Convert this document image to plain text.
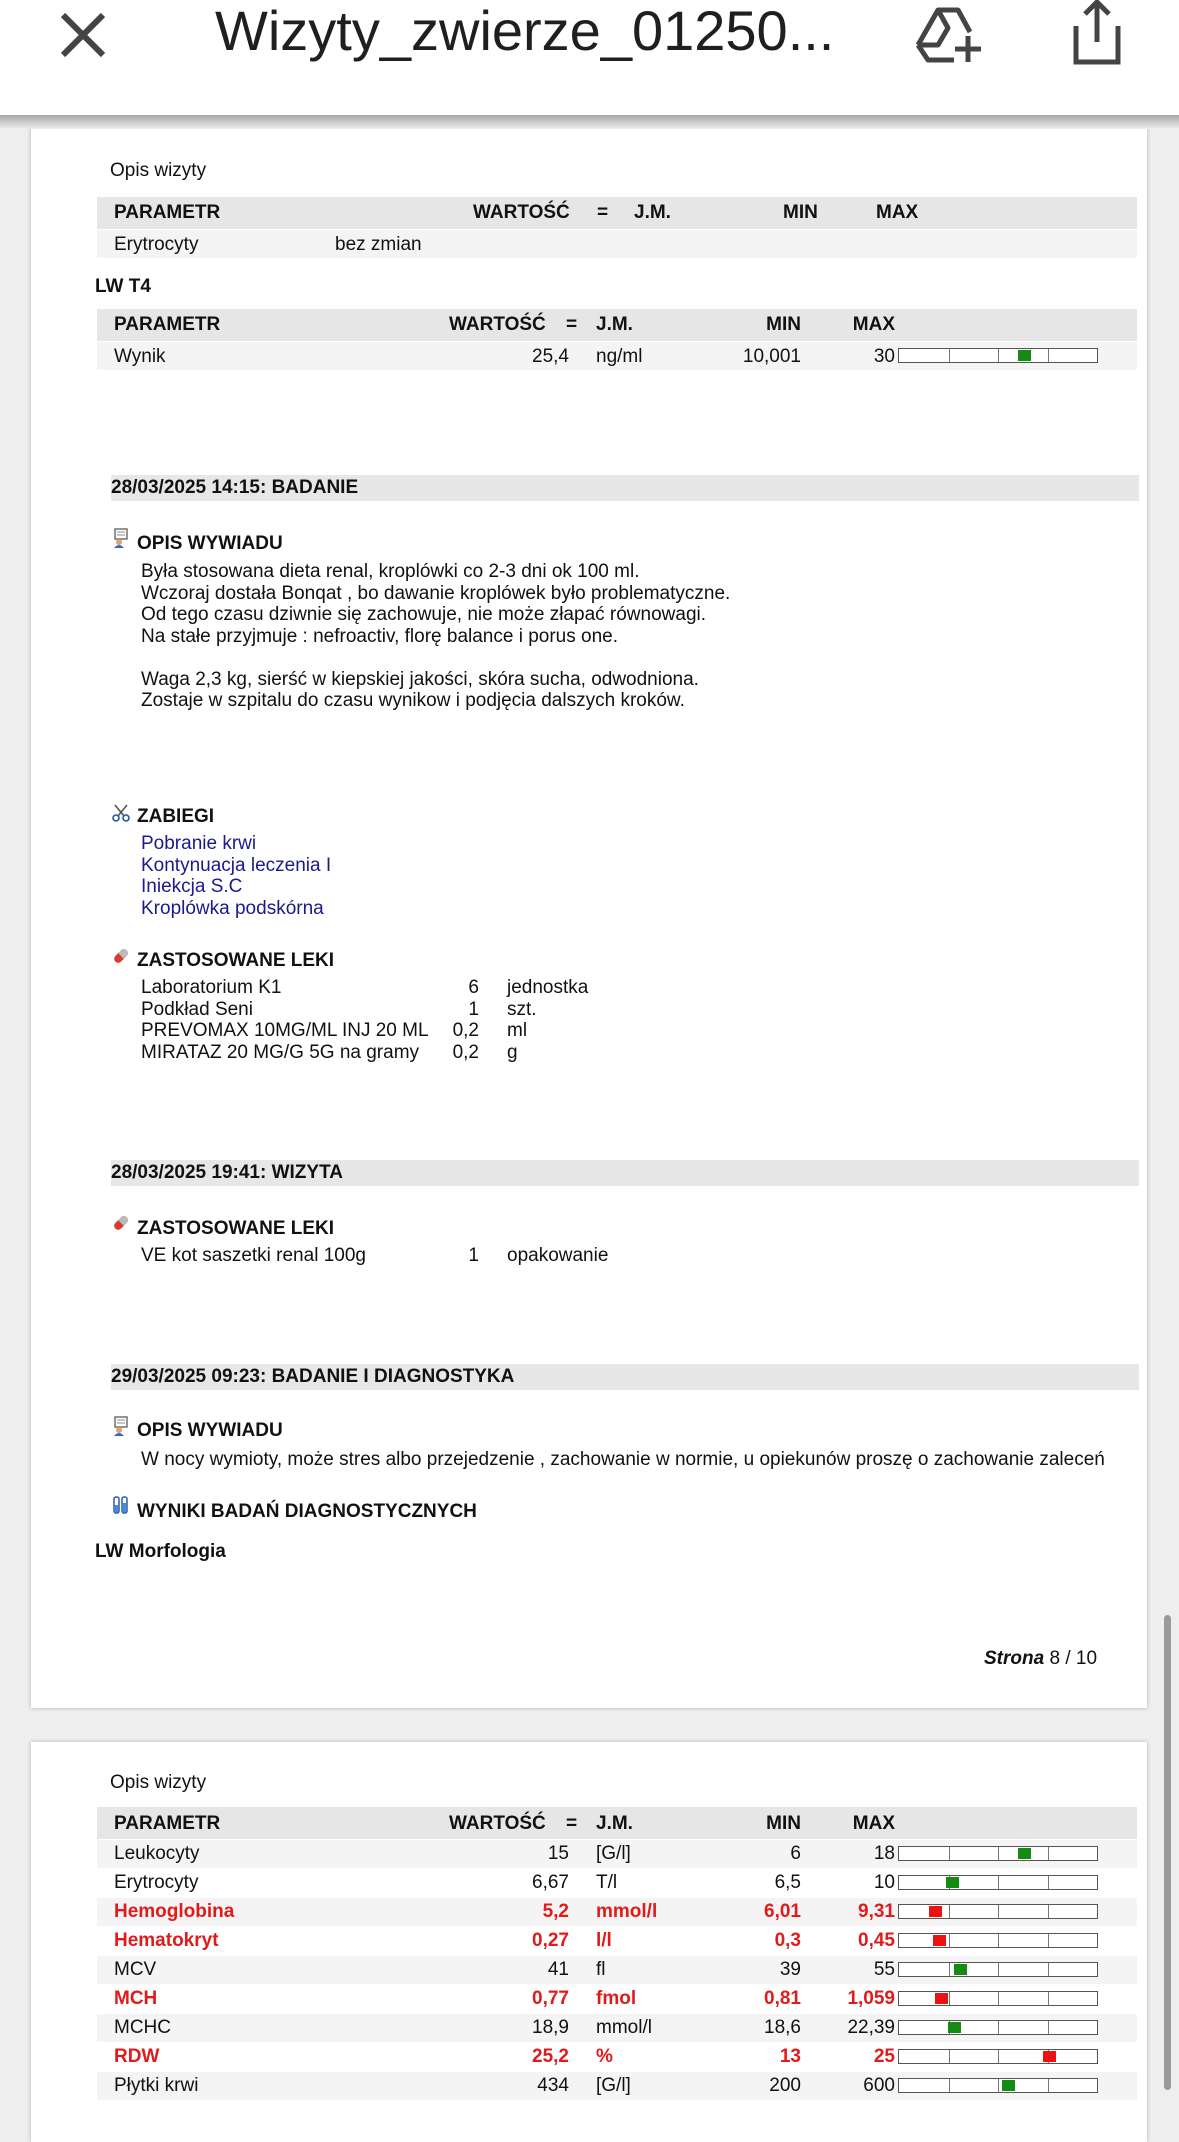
Wizyty_zwierze_01250...
Opis wizyty
PARAMETR	WARTOŚĆ = J.M.	MIN	MAX
Erytrocyty	bez zmian
LW T4
PARAMETR	WARTOŚĆ = J.M.	MIN	MAX
Wynik	25,4 ng/ml	10,001	30
28/03/2025 14:15: BADANIE
OPIS WYWIADU
Była stosowana dieta renal, kroplówki co 2-3 dni ok 100 ml.
Wczoraj dostała Bonqat , bo dawanie kroplówek było problematyczne.
Od tego czasu dziwnie się zachowuje, nie może złapać równowagi.
Na stałe przyjmuje : nefroactiv, florę balance i porus one.
Waga 2,3 kg, sierść w kiepskiej jakości, skóra sucha, odwodniona.
Zostaje w szpitalu do czasu wynikow i podjęcia dalszych kroków.
ZABIEGI
Pobranie krwi
Kontynuacja leczenia I
Iniekcja S.C
Kroplówka podskórna
ZASTOSOWANE LEKI
Laboratorium K1	6 jednostka
Podkład Seni	1 szt.
PREVOMAX 10MG/ML INJ 20 ML	0,2 ml
MIRATAZ 20 MG/G 5G na gramy	0,2 g
28/03/2025 19:41: WIZYTA
ZASTOSOWANE LEKI
VE kot saszetki renal 100g	1 opakowanie
29/03/2025 09:23: BADANIE I DIAGNOSTYKA
OPIS WYWIADU
W nocy wymioty, może stres albo przejedzenie , zachowanie w normie, u opiekunów proszę o zachowanie zaleceń
WYNIKI BADAŃ DIAGNOSTYCZNYCH
LW Morfologia
Strona 8 / 10
Opis wizyty
PARAMETR	WARTOŚĆ = J.M.	MIN	MAX
Leukocyty	15 [G/l]	6	18
Erytrocyty	6,67 T/l	6,5	10
Hemoglobina	5,2 mmol/l	6,01	9,31
Hematokryt	0,27 l/l	0,3	0,45
MCV	41 fl	39	55
MCH	0,77 fmol	0,81	1,059
MCHC	18,9 mmol/l	18,6	22,39
RDW	25,2 %	13	25
Płytki krwi	434 [G/l]	200	600
